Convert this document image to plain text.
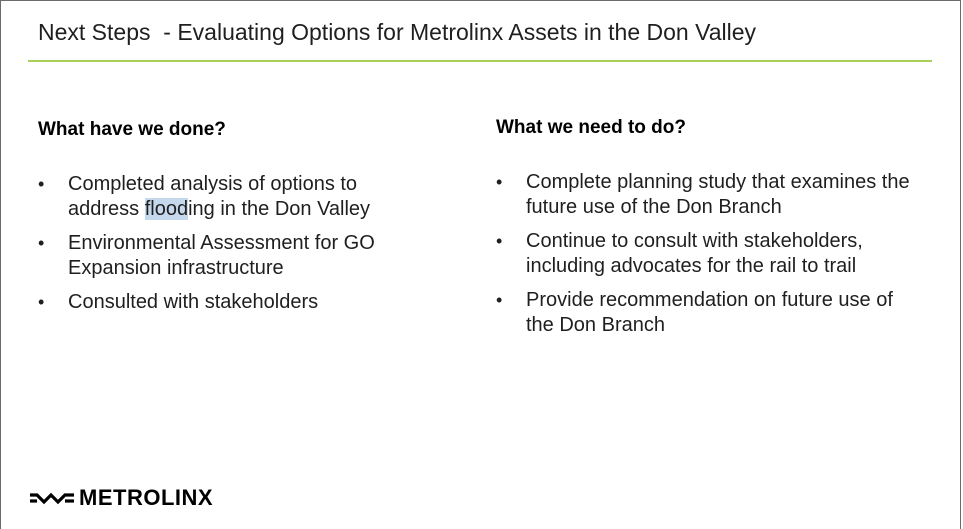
Next Steps  - Evaluating Options for Metrolinx Assets in the Don Valley
What have we done?
• Completed analysis of options to address flooding in the Don Valley
• Environmental Assessment for GO Expansion infrastructure
• Consulted with stakeholders
What we need to do?
• Complete planning study that examines the future use of the Don Branch
• Continue to consult with stakeholders, including advocates for the rail to trail
• Provide recommendation on future use of the Don Branch
METROLINX
